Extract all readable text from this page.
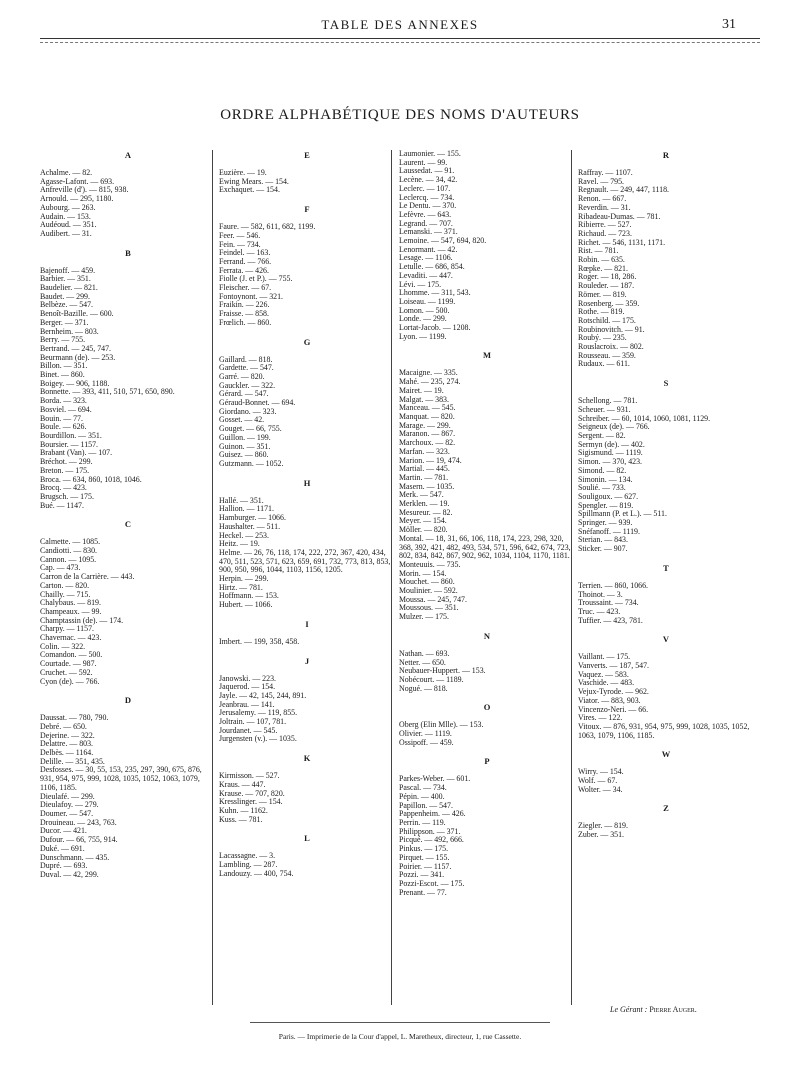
TABLE DES ANNEXES	31
ORDRE ALPHABÉTIQUE DES NOMS D'AUTEURS
A
Achalme. — 82.
Agasse-Lafont. — 693.
Anfreville (d'). — 815, 938.
Arnould. — 295, 1180.
Aubourg. — 263.
Audain. — 153.
Audéoud. — 351.
Audibert. — 31.
B
Bajenoff. — 459.
Barbier. — 351.
Baudelier. — 821.
Baudet. — 299.
Belbèze. — 547.
Benoît-Bazille. — 600.
Berger. — 371.
Bernheim. — 803.
Berry. — 755.
Bertrand. — 245, 747.
Beurmann (de). — 253.
Billon. — 351.
Binet. — 860.
Boigey. — 906, 1188.
Bonnette. — 393, 411, 510, 571, 650, 890.
Borda. — 323.
Bosviel. — 694.
Bouin. — 77.
Boule. — 626.
Bourdillon. — 351.
Boursier. — 1157.
Brabant (Van). — 107.
Bréchot. — 299.
Breton. — 175.
Broca. — 634, 860, 1018, 1046.
Brocq. — 423.
Brugsch. — 175.
Bué. — 1147.
C
Calmette. — 1085.
Candiotti. — 830.
Cannon. — 1095.
Cap. — 473.
Carron de la Carrière. — 443.
Carton. — 820.
Chailly. — 715.
Chalybaus. — 819.
Champeaux. — 99.
Champtassin (de). — 174.
Charpy. — 1157.
Chavernac. — 423.
Colin. — 322.
Comandon. — 500.
Courtade. — 987.
Cruchet. — 592.
Cyon (de). — 766.
D
Daussat. — 780, 790.
Debré. — 650.
Dejerine. — 322.
Delattre. — 803.
Delbès. — 1164.
Delille. — 351, 435.
Desfosses. — 30, 55, 153, 235, 297, 390, 675, 876, 931, 954, 975, 999, 1028, 1035, 1052, 1063, 1079, 1106, 1185.
Dieulafé. — 299.
Dieulafoy. — 279.
Doumer. — 547.
Drouineau. — 243, 763.
Ducor. — 421.
Dufour. — 66, 755, 914.
Duké. — 691.
Dunschmann. — 435.
Dupré. — 693.
Duval. — 42, 299.
E
Euzière. — 19.
Ewing Mears. — 154.
Exchaquet. — 154.
F
Faure. — 582, 611, 682, 1199.
Feer. — 546.
Fein. — 734.
Feindel. — 163.
Ferrand. — 766.
Ferrata. — 426.
Fiolle (J. et P.). — 755.
Fleischer. — 67.
Fontoynont. — 321.
Fraikin. — 226.
Fraisse. — 858.
Frœlich. — 860.
G
Gaillard. — 818.
Gardette. — 547.
Garré. — 820.
Gauckler. — 322.
Gérard. — 547.
Géraud-Bonnet. — 694.
Giordano. — 323.
Gosset. — 42.
Gouget. — 66, 755.
Guillon. — 199.
Guinon. — 351.
Guisez. — 860.
Gutzmann. — 1052.
H
Hallé. — 351.
Hallion. — 1171.
Hamburger. — 1066.
Haushalter. — 511.
Heckel. — 253.
Heitz. — 19.
Helme. — 26, 76, 118, 174, 222, 272, 367, 420, 434, 470, 511, 523, 571, 623, 659, 691, 732, 773, 813, 853, 900, 950, 996, 1044, 1103, 1156, 1205.
Herpin. — 299.
Hirtz. — 781.
Hoffmann. — 153.
Hubert. — 1066.
I
Imbert. — 199, 358, 458.
J
Janowski. — 223.
Jaquerod. — 154.
Jayle. — 42, 145, 244, 891.
Jeanbrau. — 141.
Jerusalemy. — 119, 855.
Joltrain. — 107, 781.
Jourdanet. — 545.
Jurgensten (v.). — 1035.
K
Kirmisson. — 527.
Kraus. — 447.
Krause. — 707, 820.
Kresslinger. — 154.
Kuhn. — 1162.
Kuss. — 781.
L
Lacassagne. — 3.
Lambling. — 287.
Landouzy. — 400, 754.
Laumonier. — 155.
Laurent. — 99.
Laussedat. — 91.
Lecène. — 34, 42.
Leclerc. — 107.
Leclercq. — 734.
Le Dentu. — 370.
Lefèvre. — 643.
Legrand. — 707.
Lemanski. — 371.
Lemoine. — 547, 694, 820.
Lenormant. — 42.
Lesage. — 1106.
Letulle. — 686, 854.
Levaditi. — 447.
Lévi. — 175.
Lhomme. — 311, 543.
Loiseau. — 1199.
Lomon. — 500.
Londe. — 299.
Lortat-Jacob. — 1208.
Lyon. — 1199.
M
Macaigne. — 335.
Mahé. — 235, 274.
Mairet. — 19.
Malgat. — 383.
Manceau. — 545.
Manquat. — 820.
Marage. — 299.
Maranon. — 867.
Marchoux. — 82.
Marfan. — 323.
Marion. — 19, 474.
Martial. — 445.
Martin. — 781.
Masern. — 1035.
Merk. — 547.
Merklen. — 19.
Mesureur. — 82.
Meyer. — 154.
Möller. — 820.
Montal. — 18, 31, 66, 106, 118, 174, 223, 298, 320, 368, 392, 421, 482, 493, 534, 571, 596, 642, 674, 723, 802, 834, 842, 867, 902, 962, 1034, 1104, 1170, 1181.
Monteuuis. — 735.
Morin. — 154.
Mouchet. — 860.
Moulinier. — 592.
Moussa. — 245, 747.
Moussous. — 351.
Mulzer. — 175.
N
Nathan. — 693.
Netter. — 650.
Neubauer-Huppert. — 153.
Nobécourt. — 1189.
Nogué. — 818.
O
Oberg (Elin Mlle). — 153.
Olivier. — 1119.
Ossipoff. — 459.
P
Parkes-Weber. — 601.
Pascal. — 734.
Pépin. — 400.
Papillon. — 547.
Pappenheim. — 426.
Perrin. — 119.
Philippson. — 371.
Picqué. — 492, 666.
Pinkus. — 175.
Pirquet. — 155.
Poirier. — 1157.
Pozzi. — 341.
Pozzi-Escot. — 175.
Prenant. — 77.
R
Raffray. — 1107.
Ravel. — 795.
Regnault. — 249, 447, 1118.
Renon. — 667.
Reverdin. — 31.
Ribadeau-Dumas. — 781.
Ribierre. — 527.
Richaud. — 723.
Richet. — 546, 1131, 1171.
Rist. — 781.
Robin. — 635.
Rœpke. — 821.
Roger. — 18, 286.
Rouleder. — 187.
Römer. — 819.
Rosenberg. — 359.
Rothe. — 819.
Rotschild. — 175.
Roubinovitch. — 91.
Roubý. — 235.
Rouslacroix. — 802.
Rousseau. — 359.
Rudaux. — 611.
S
Schellong. — 781.
Scheuer. — 931.
Schreiber. — 60, 1014, 1060, 1081, 1129.
Seigneux (de). — 766.
Sergent. — 82.
Sermyn (de). — 402.
Sigismund. — 1119.
Simon. — 370, 423.
Simond. — 82.
Simonin. — 134.
Soulié. — 733.
Souligoux. — 627.
Spengler. — 819.
Spillmann (P. et L.). — 511.
Springer. — 939.
Snéfanoff. — 1119.
Sterian. — 843.
Sticker. — 907.
T
Terrien. — 860, 1066.
Thoinot. — 3.
Troussaint. — 734.
Truc. — 423.
Tuffier. — 423, 781.
V
Vaillant. — 175.
Vanverts. — 187, 547.
Vaquez. — 583.
Vaschide. — 483.
Vejux-Tyrode. — 962.
Viator. — 883, 903.
Vincenzo-Neri. — 66.
Vires. — 122.
Vitoux. — 876, 931, 954, 975, 999, 1028, 1035, 1052, 1063, 1079, 1106, 1185.
W
Wirry. — 154.
Wolf. — 67.
Wolter. — 34.
Z
Ziegler. — 819.
Zuber. — 351.
Le Gérant : Pierre Auger.
Paris. — Imprimerie de la Cour d'appel, L. Maretheux, directeur, 1, rue Cassette.
